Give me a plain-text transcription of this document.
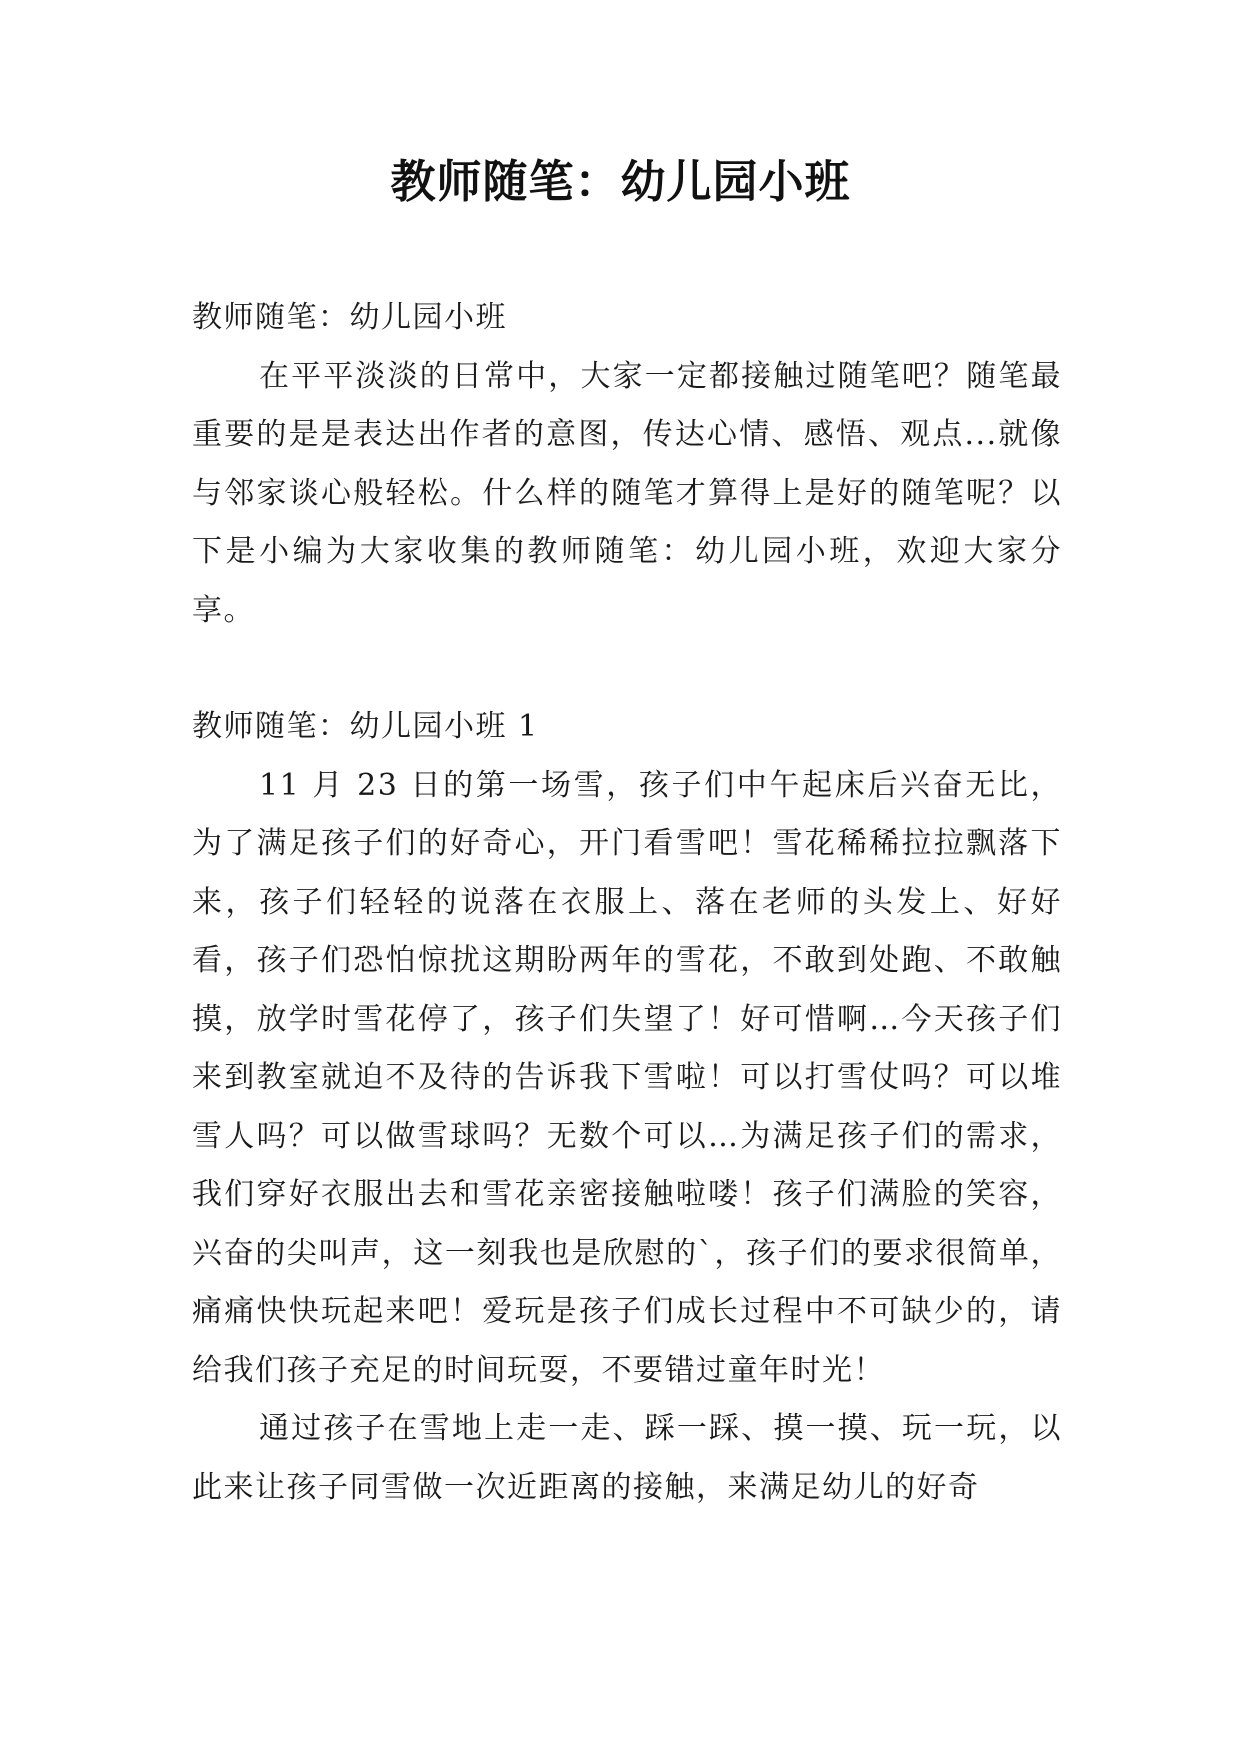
教师随笔：幼儿园小班

教师随笔：幼儿园小班

在平平淡淡的日常中，大家一定都接触过随笔吧？随笔最重要的是是表达出作者的意图，传达心情、感悟、观点...就像与邻家谈心般轻松。什么样的随笔才算得上是好的随笔呢？以下是小编为大家收集的教师随笔：幼儿园小班，欢迎大家分享。

教师随笔：幼儿园小班 1

11 月 23 日的第一场雪，孩子们中午起床后兴奋无比，为了满足孩子们的好奇心，开门看雪吧！雪花稀稀拉拉飘落下来，孩子们轻轻的说落在衣服上、落在老师的头发上、好好看，孩子们恐怕惊扰这期盼两年的雪花，不敢到处跑、不敢触摸，放学时雪花停了，孩子们失望了！好可惜啊…今天孩子们来到教室就迫不及待的告诉我下雪啦！可以打雪仗吗？可以堆雪人吗？可以做雪球吗？无数个可以…为满足孩子们的需求，我们穿好衣服出去和雪花亲密接触啦喽！孩子们满脸的笑容，兴奋的尖叫声，这一刻我也是欣慰的`，孩子们的要求很简单，痛痛快快玩起来吧！爱玩是孩子们成长过程中不可缺少的，请给我们孩子充足的时间玩耍，不要错过童年时光！

通过孩子在雪地上走一走、踩一踩、摸一摸、玩一玩，以此来让孩子同雪做一次近距离的接触，来满足幼儿的好奇
